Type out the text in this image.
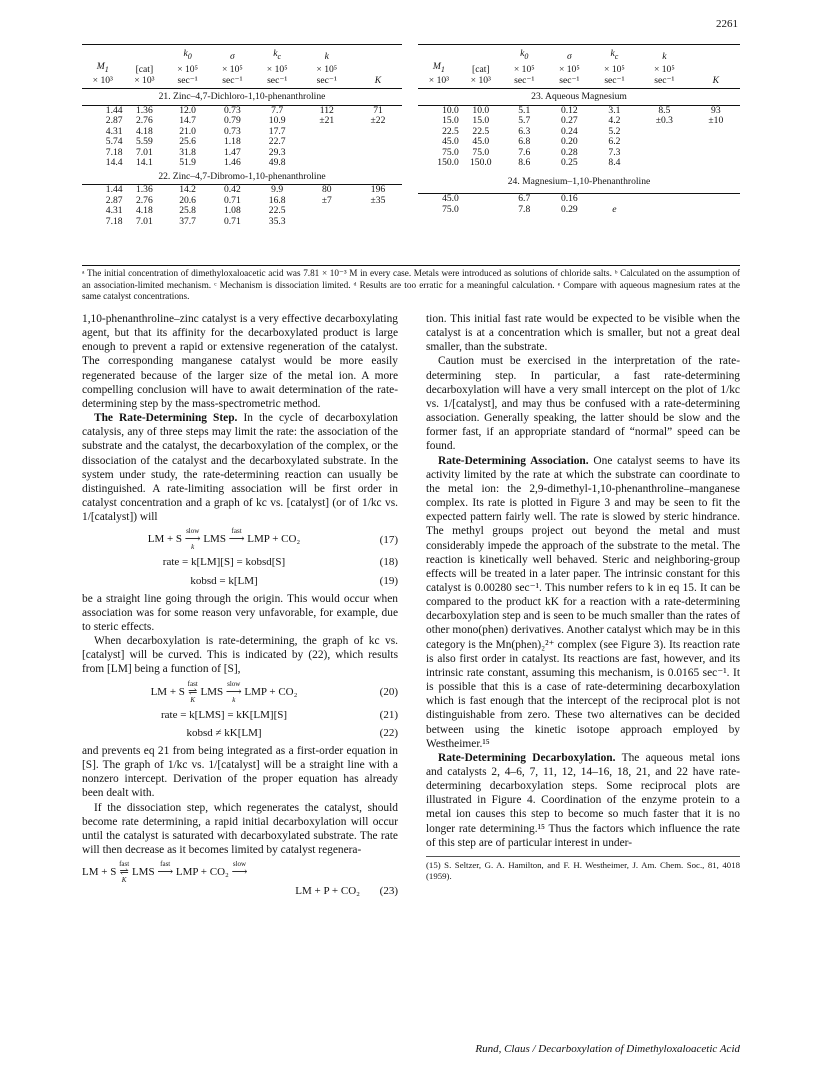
2261

		$k_0$	σ	$k_c$	k	
$M_1$	[cat]	× 10⁵	× 10⁵	× 10⁵	× 10⁵	
× 10³	× 10³	sec⁻¹	sec⁻¹	sec⁻¹	sec⁻¹	K
21. Zinc–4,7-Dichloro-1,10-phenanthroline						
1.44	1.36	12.0	0.73	7.7	112	71
2.87	2.76	14.7	0.79	10.9	±21	±22
4.31	4.18	21.0	0.73	17.7		
5.74	5.59	25.6	1.18	22.7		
7.18	7.01	31.8	1.47	29.3		
14.4	14.1	51.9	1.46	49.8		
22. Zinc–4,7-Dibromo-1,10-phenanthroline						
1.44	1.36	14.2	0.42	9.9	80	196
2.87	2.76	20.6	0.71	16.8	±7	±35
4.31	4.18	25.8	1.08	22.5		
7.18	7.01	37.7	0.71	35.3		

		$k_0$	σ	$k_c$	k	
$M_1$	[cat]	× 10⁵	× 10⁵	× 10⁵	× 10⁵	
× 10³	× 10³	sec⁻¹	sec⁻¹	sec⁻¹	sec⁻¹	K
23. Aqueous Magnesium						
10.0	10.0	5.1	0.12	3.1	8.5	93
15.0	15.0	5.7	0.27	4.2	±0.3	±10
22.5	22.5	6.3	0.24	5.2		
45.0	45.0	6.8	0.20	6.2		
75.0	75.0	7.6	0.28	7.3		
150.0	150.0	8.6	0.25	8.4		
24. Magnesium–1,10-Phenanthroline						
45.0		6.7	0.16			
75.0		7.8	0.29	e		
ᵃ The initial concentration of dimethyloxaloacetic acid was 7.81 × 10⁻³ M in every case. Metals were introduced as solutions of chloride salts. ᵇ Calculated on the assumption of an association-limited mechanism. ᶜ Mechanism is dissociation limited. ᵈ Results are too erratic for a meaningful calculation. ᵉ Compare with aqueous magnesium rates at the same catalyst concentrations.

1,10-phenanthroline–zinc catalyst is a very effective decarboxylating agent, but that its affinity for the decarboxylated product is large enough to prevent a rapid or extensive regeneration of the catalyst. The corresponding manganese catalyst would be more easily regenerated because of the larger size of the metal ion. A more compelling conclusion will have to await determination of the rate-determining step by the mass-spectrometric method.

The Rate-Determining Step. In the cycle of decarboxylation catalysis, any of three steps may limit the rate: the association of the substrate and the catalyst, the decarboxylation of the complex, or the dissociation of the catalyst and the decarboxylated substrate. In the system under study, the rate-determining reaction can usually be distinguished. A rate-limiting association will be first order in catalyst concentration and a graph of kc vs. [catalyst] (or of 1/kc vs. 1/[catalyst]) will

LM + S
slow
⟶
k
LMS
fast
⟶
LMP + CO₂	(17)
rate = k[LM][S] = kobsd[S]	(18)
kobsd = k[LM]	(19)

be a straight line going through the origin. This would occur when association was for some reason very unfavorable, for example, due to steric effects.

When decarboxylation is rate-determining, the graph of kc vs. [catalyst] will be curved. This is indicated by (22), which results from [LM] being a function of [S],

LM + S
fast
⇌
K
LMS
slow
⟶
k
LMP + CO₂	(20)
rate = k[LMS] = kK[LM][S]	(21)
kobsd ≠ kK[LM]	(22)

and prevents eq 21 from being integrated as a first-order equation in [S]. The graph of 1/kc vs. 1/[catalyst] will be a straight line with a nonzero intercept. Derivation of the proper equation has already been dealt with.

If the dissociation step, which regenerates the catalyst, should become rate determining, a rapid initial decarboxylation will occur until the catalyst is saturated with decarboxylated substrate. The rate will then decrease as it becomes limited by catalyst regenera-

LM + S
fast
⇌
K
LMS
fast
⟶
LMP + CO₂
slow
⟶

LM + P + CO₂	(23)

tion. This initial fast rate would be expected to be visible when the catalyst is at a concentration which is smaller, but not a great deal smaller, than the substrate.

Caution must be exercised in the interpretation of the rate-determining step. In particular, a fast rate-determining decarboxylation will have a very small intercept on the plot of 1/kc vs. 1/[catalyst], and may thus be confused with a rate-determining association. Generally speaking, the latter should be slow and the former fast, if an appropriate standard of “normal” speed can be found.

Rate-Determining Association. One catalyst seems to have its activity limited by the rate at which the substrate can coordinate to the metal ion: the 2,9-dimethyl-1,10-phenanthroline–manganese complex. Its rate is plotted in Figure 3 and may be seen to fit the expected pattern fairly well. The rate is slowed by steric hindrance. The methyl groups project out beyond the metal and must considerably impede the approach of the substrate to the metal. The reaction is kinetically well behaved. Steric and neighboring-group effects will be treated in a later paper. The intrinsic constant for this catalyst is 0.00280 sec⁻¹. This number refers to k in eq 15. It can be compared to the product kK for a reaction with a rate-determining decarboxylation step and is seen to be much smaller than the rates of other mono(phen) derivatives. Another catalyst which may be in this category is the Mn(phen)₂²⁺ complex (see Figure 3). Its reaction rate is also first order in catalyst. Its reactions are fast, however, and its intrinsic rate constant, assuming this mechanism, is 0.0165 sec⁻¹. It is possible that this is a case of rate-determining decarboxylation which is fast enough that the intercept of the reciprocal plot is not distinguishable from zero. These two alternatives can be decided between using the kinetic isotope approach employed by Westheimer.¹⁵

Rate-Determining Decarboxylation. The aqueous metal ions and catalysts 2, 4–6, 7, 11, 12, 14–16, 18, 21, and 22 have rate-determining decarboxylation steps. Some reciprocal plots are illustrated in Figure 4. Coordination of the enzyme protein to a metal ion causes this step to become so much faster that it is no longer rate determining.¹⁵ Thus the factors which influence the rate of this step are of particular interest in under-

(15) S. Seltzer, G. A. Hamilton, and F. H. Westheimer, J. Am. Chem. Soc., 81, 4018 (1959).
Rund, Claus / Decarboxylation of Dimethyloxaloacetic Acid
